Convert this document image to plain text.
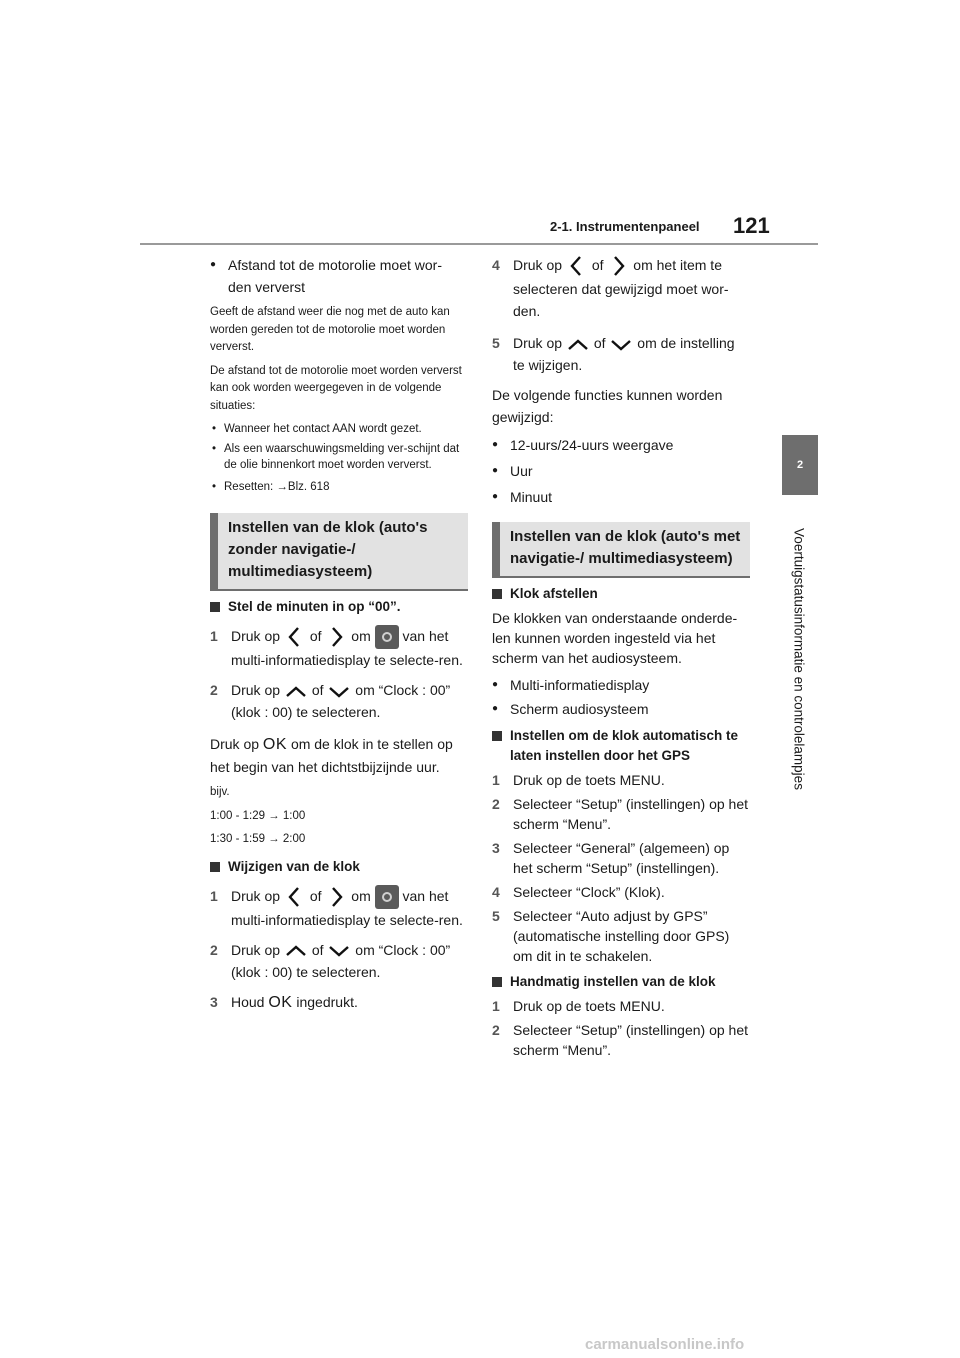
2-1. Instrumentenpaneel 121
2
Voertuigstatusinformatie en controlelampjes
● Afstand tot de motorolie moet wor-
den ververst
Geeft de afstand weer die nog met de auto kan worden gereden tot de motorolie moet worden ververst.
De afstand tot de motorolie moet worden ververst kan ook worden weergegeven in de volgende situaties:
• Wanneer het contact AAN wordt gezet.
• Als een waarschuwingsmelding ver-schijnt dat de olie binnenkort moet worden ververst.
• Resetten: →Blz. 618
Instellen van de klok (auto's zonder navigatie-/ multimediasysteem)
Stel de minuten in op “00”.
1 Druk op of om van het multi-informatiedisplay te selecte-ren.
2 Druk op of om “Clock : 00” (klok : 00) te selecteren.
Druk op OK om de klok in te stellen op het begin van het dichtstbijzijnde uur.
bijv.
1:00 - 1:29 → 1:00
1:30 - 1:59 → 2:00
Wijzigen van de klok
1 Druk op of om van het multi-informatiedisplay te selecte-ren.
2 Druk op of om “Clock : 00” (klok : 00) te selecteren.
3 Houd OK ingedrukt.
4 Druk op of om het item te selecteren dat gewijzigd moet wor-den.
5 Druk op of om de instelling te wijzigen.
De volgende functies kunnen worden gewijzigd:
● 12-uurs/24-uurs weergave
● Uur
● Minuut
Instellen van de klok (auto's met navigatie-/ multimediasysteem)
Klok afstellen
De klokken van onderstaande onderde-len kunnen worden ingesteld via het scherm van het audiosysteem.
● Multi-informatiedisplay
● Scherm audiosysteem
Instellen om de klok automatisch te laten instellen door het GPS
1 Druk op de toets MENU.
2 Selecteer “Setup” (instellingen) op het scherm “Menu”.
3 Selecteer “General” (algemeen) op het scherm “Setup” (instellingen).
4 Selecteer “Clock” (Klok).
5 Selecteer “Auto adjust by GPS” (automatische instelling door GPS) om dit in te schakelen.
Handmatig instellen van de klok
1 Druk op de toets MENU.
2 Selecteer “Setup” (instellingen) op het scherm “Menu”.
carmanualsonline.info
